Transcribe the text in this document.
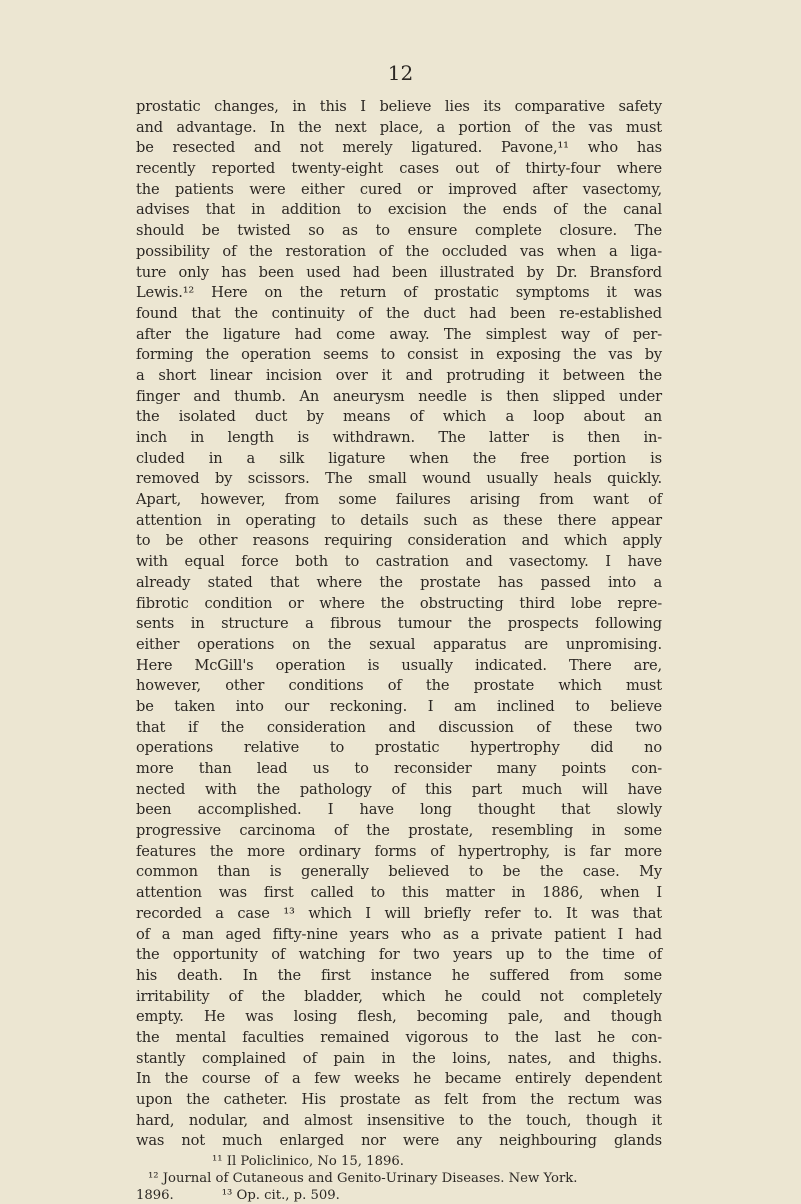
12
prostatic changes, in this I believe lies its comparative safety
and advantage. In the next place, a portion of the vas must
be resected and not merely ligatured. Pavone,¹¹ who has
recently reported twenty-eight cases out of thirty-four where
the patients were either cured or improved after vasectomy,
advises that in addition to excision the ends of the canal
should be twisted so as to ensure complete closure. The
possibility of the restoration of the occluded vas when a liga-
ture only has been used had been illustrated by Dr. Bransford
Lewis.¹² Here on the return of prostatic symptoms it was
found that the continuity of the duct had been re-established
after the ligature had come away. The simplest way of per-
forming the operation seems to consist in exposing the vas by
a short linear incision over it and protruding it between the
finger and thumb. An aneurysm needle is then slipped under
the isolated duct by means of which a loop about an
inch in length is withdrawn. The latter is then in-
cluded in a silk ligature when the free portion is
removed by scissors. The small wound usually heals quickly.
Apart, however, from some failures arising from want of
attention in operating to details such as these there appear
to be other reasons requiring consideration and which apply
with equal force both to castration and vasectomy. I have
already stated that where the prostate has passed into a
fibrotic condition or where the obstructing third lobe repre-
sents in structure a fibrous tumour the prospects following
either operations on the sexual apparatus are unpromising.
Here McGill's operation is usually indicated. There are,
however, other conditions of the prostate which must
be taken into our reckoning. I am inclined to believe
that if the consideration and discussion of these two
operations relative to prostatic hypertrophy did no
more than lead us to reconsider many points con-
nected with the pathology of this part much will have
been accomplished. I have long thought that slowly
progressive carcinoma of the prostate, resembling in some
features the more ordinary forms of hypertrophy, is far more
common than is generally believed to be the case. My
attention was first called to this matter in 1886, when I
recorded a case ¹³ which I will briefly refer to. It was that
of a man aged fifty-nine years who as a private patient I had
the opportunity of watching for two years up to the time of
his death. In the first instance he suffered from some
irritability of the bladder, which he could not completely
empty. He was losing flesh, becoming pale, and though
the mental faculties remained vigorous to the last he con-
stantly complained of pain in the loins, nates, and thighs.
In the course of a few weeks he became entirely dependent
upon the catheter. His prostate as felt from the rectum was
hard, nodular, and almost insensitive to the touch, though it
was not much enlarged nor were any neighbouring glands
¹¹ Il Policlinico, No 15, 1896.
¹² Journal of Cutaneous and Genito-Urinary Diseases. New York.
1896.	¹³ Op. cit., p. 509.
